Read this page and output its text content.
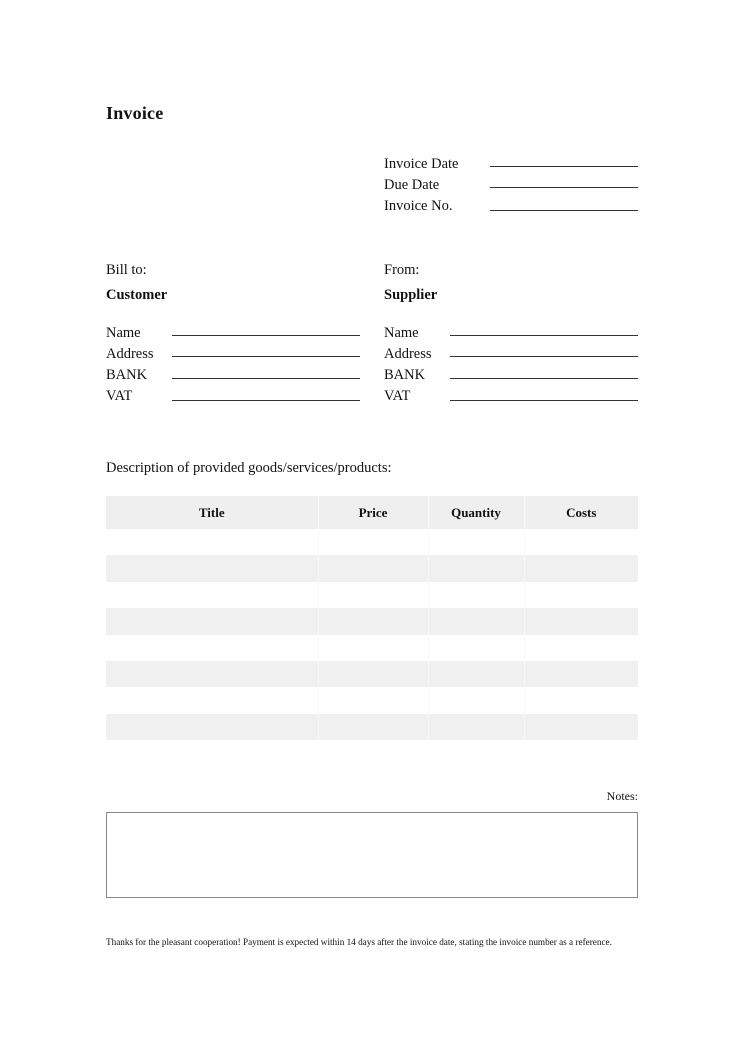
Invoice
Invoice Date
Due Date
Invoice No.
Bill to:
Customer
Name
Address
BANK
VAT
From:
Supplier
Name
Address
BANK
VAT
Description of provided goods/services/products:
Title	Price	Quantity	Costs

Notes:
Thanks for the pleasant cooperation! Payment is expected within 14 days after the invoice date, stating the invoice number as a reference.
